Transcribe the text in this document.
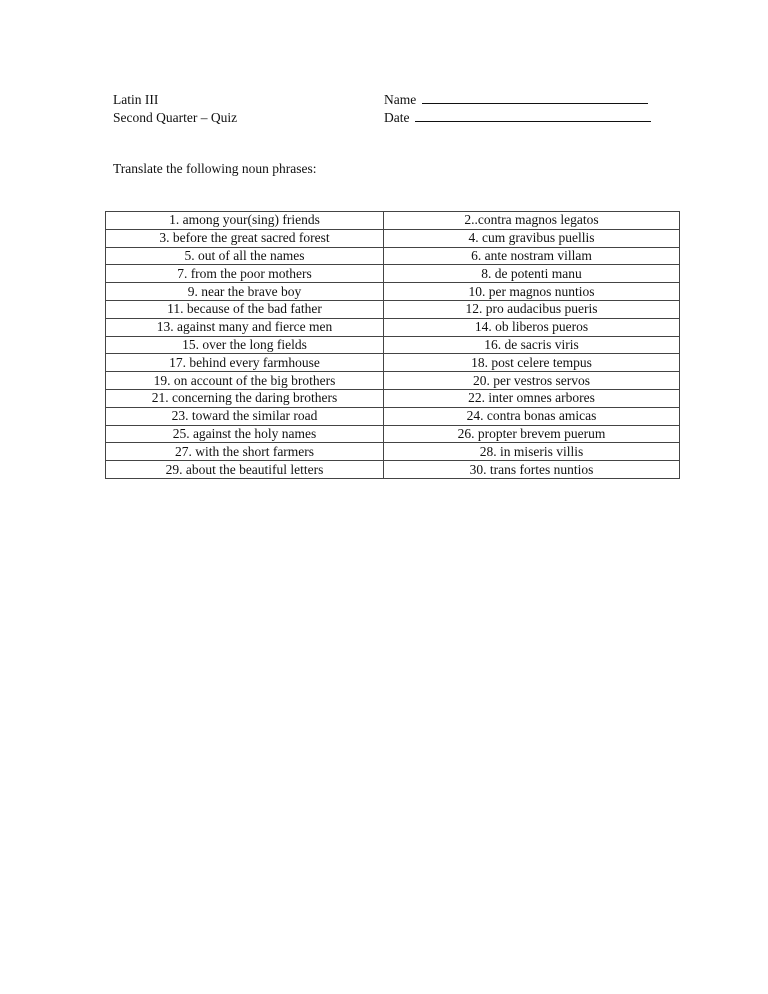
Latin III
Second Quarter – Quiz
Name
Date
Translate the following noun phrases:
1. among your(sing) friends	2..contra magnos legatos
3. before the great sacred forest	4. cum gravibus puellis
5. out of all the names	6. ante nostram villam
7. from the poor mothers	8. de potenti manu
9. near the brave boy	10. per magnos nuntios
11. because of the bad father	12. pro audacibus pueris
13. against many and fierce men	14. ob liberos pueros
15. over the long fields	16. de sacris viris
17. behind every farmhouse	18. post celere tempus
19. on account of the big brothers	20. per vestros servos
21. concerning the daring brothers	22. inter omnes arbores
23. toward the similar road	24. contra bonas amicas
25. against the holy names	26. propter brevem puerum
27. with the short farmers	28. in miseris villis
29. about the beautiful letters	30. trans fortes nuntios
